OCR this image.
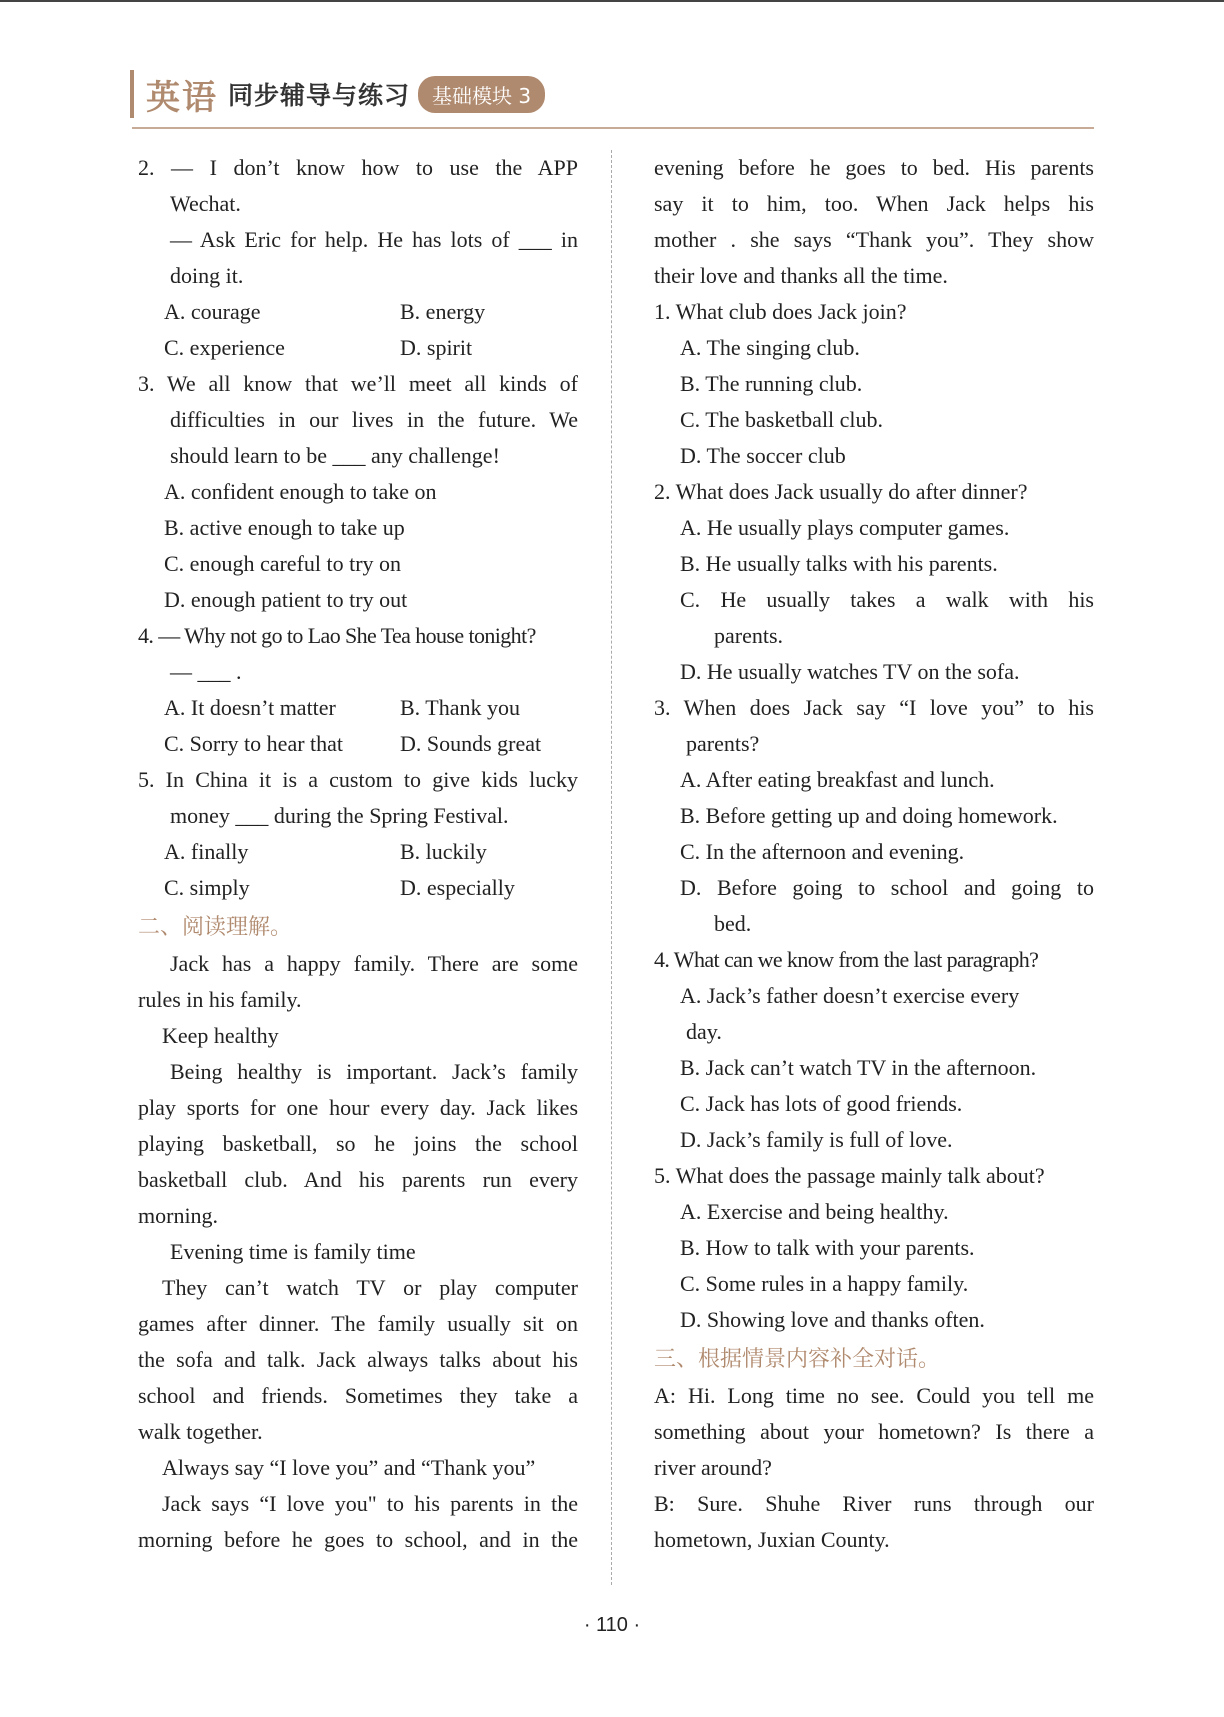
英语 同步辅导与练习	基础模块 3
2. — I don’t know how to use the APP
Wechat.
— Ask Eric for help. He has lots of ___ in
doing it.
A. courage	B. energy
C. experience	D. spirit
3. We all know that we’ll meet all kinds of
difficulties in our lives in the future. We
should learn to be ___ any challenge!
A. confident enough to take on
B. active enough to take up
C. enough careful to try on
D. enough patient to try out
4. — Why not go to Lao She Tea house tonight?
— ___ .
A. It doesn’t matter	B. Thank you
C. Sorry to hear that	D. Sounds great
5. In China it is a custom to give kids lucky
money ___ during the Spring Festival.
A. finally	B. luckily
C. simply	D. especially
二、阅读理解。
Jack has a happy family. There are some
rules in his family.
Keep healthy
Being healthy is important. Jack’s family
play sports for one hour every day. Jack likes
playing basketball, so he joins the school
basketball club. And his parents run every
morning.
Evening time is family time
They can’t watch TV or play computer
games after dinner. The family usually sit on
the sofa and talk. Jack always talks about his
school and friends. Sometimes they take a
walk together.
Always say “I love you” and “Thank you”
Jack says “I love you" to his parents in the
morning before he goes to school, and in the
evening before he goes to bed. His parents
say it to him, too. When Jack helps his
mother . she says “Thank you”. They show
their love and thanks all the time.
1. What club does Jack join?
A. The singing club.
B. The running club.
C. The basketball club.
D. The soccer club
2. What does Jack usually do after dinner?
A. He usually plays computer games.
B. He usually talks with his parents.
C. He usually takes a walk with his
parents.
D. He usually watches TV on the sofa.
3. When does Jack say “I love you” to his
parents?
A. After eating breakfast and lunch.
B. Before getting up and doing homework.
C. In the afternoon and evening.
D. Before going to school and going to
bed.
4. What can we know from the last paragraph?
A. Jack’s father doesn’t exercise every
day.
B. Jack can’t watch TV in the afternoon.
C. Jack has lots of good friends.
D. Jack’s family is full of love.
5. What does the passage mainly talk about?
A. Exercise and being healthy.
B. How to talk with your parents.
C. Some rules in a happy family.
D. Showing love and thanks often.
三、根据情景内容补全对话。
A: Hi. Long time no see. Could you tell me
something about your hometown? Is there a
river around?
B: Sure. Shuhe River runs through our
hometown, Juxian County.
· 110 ·
